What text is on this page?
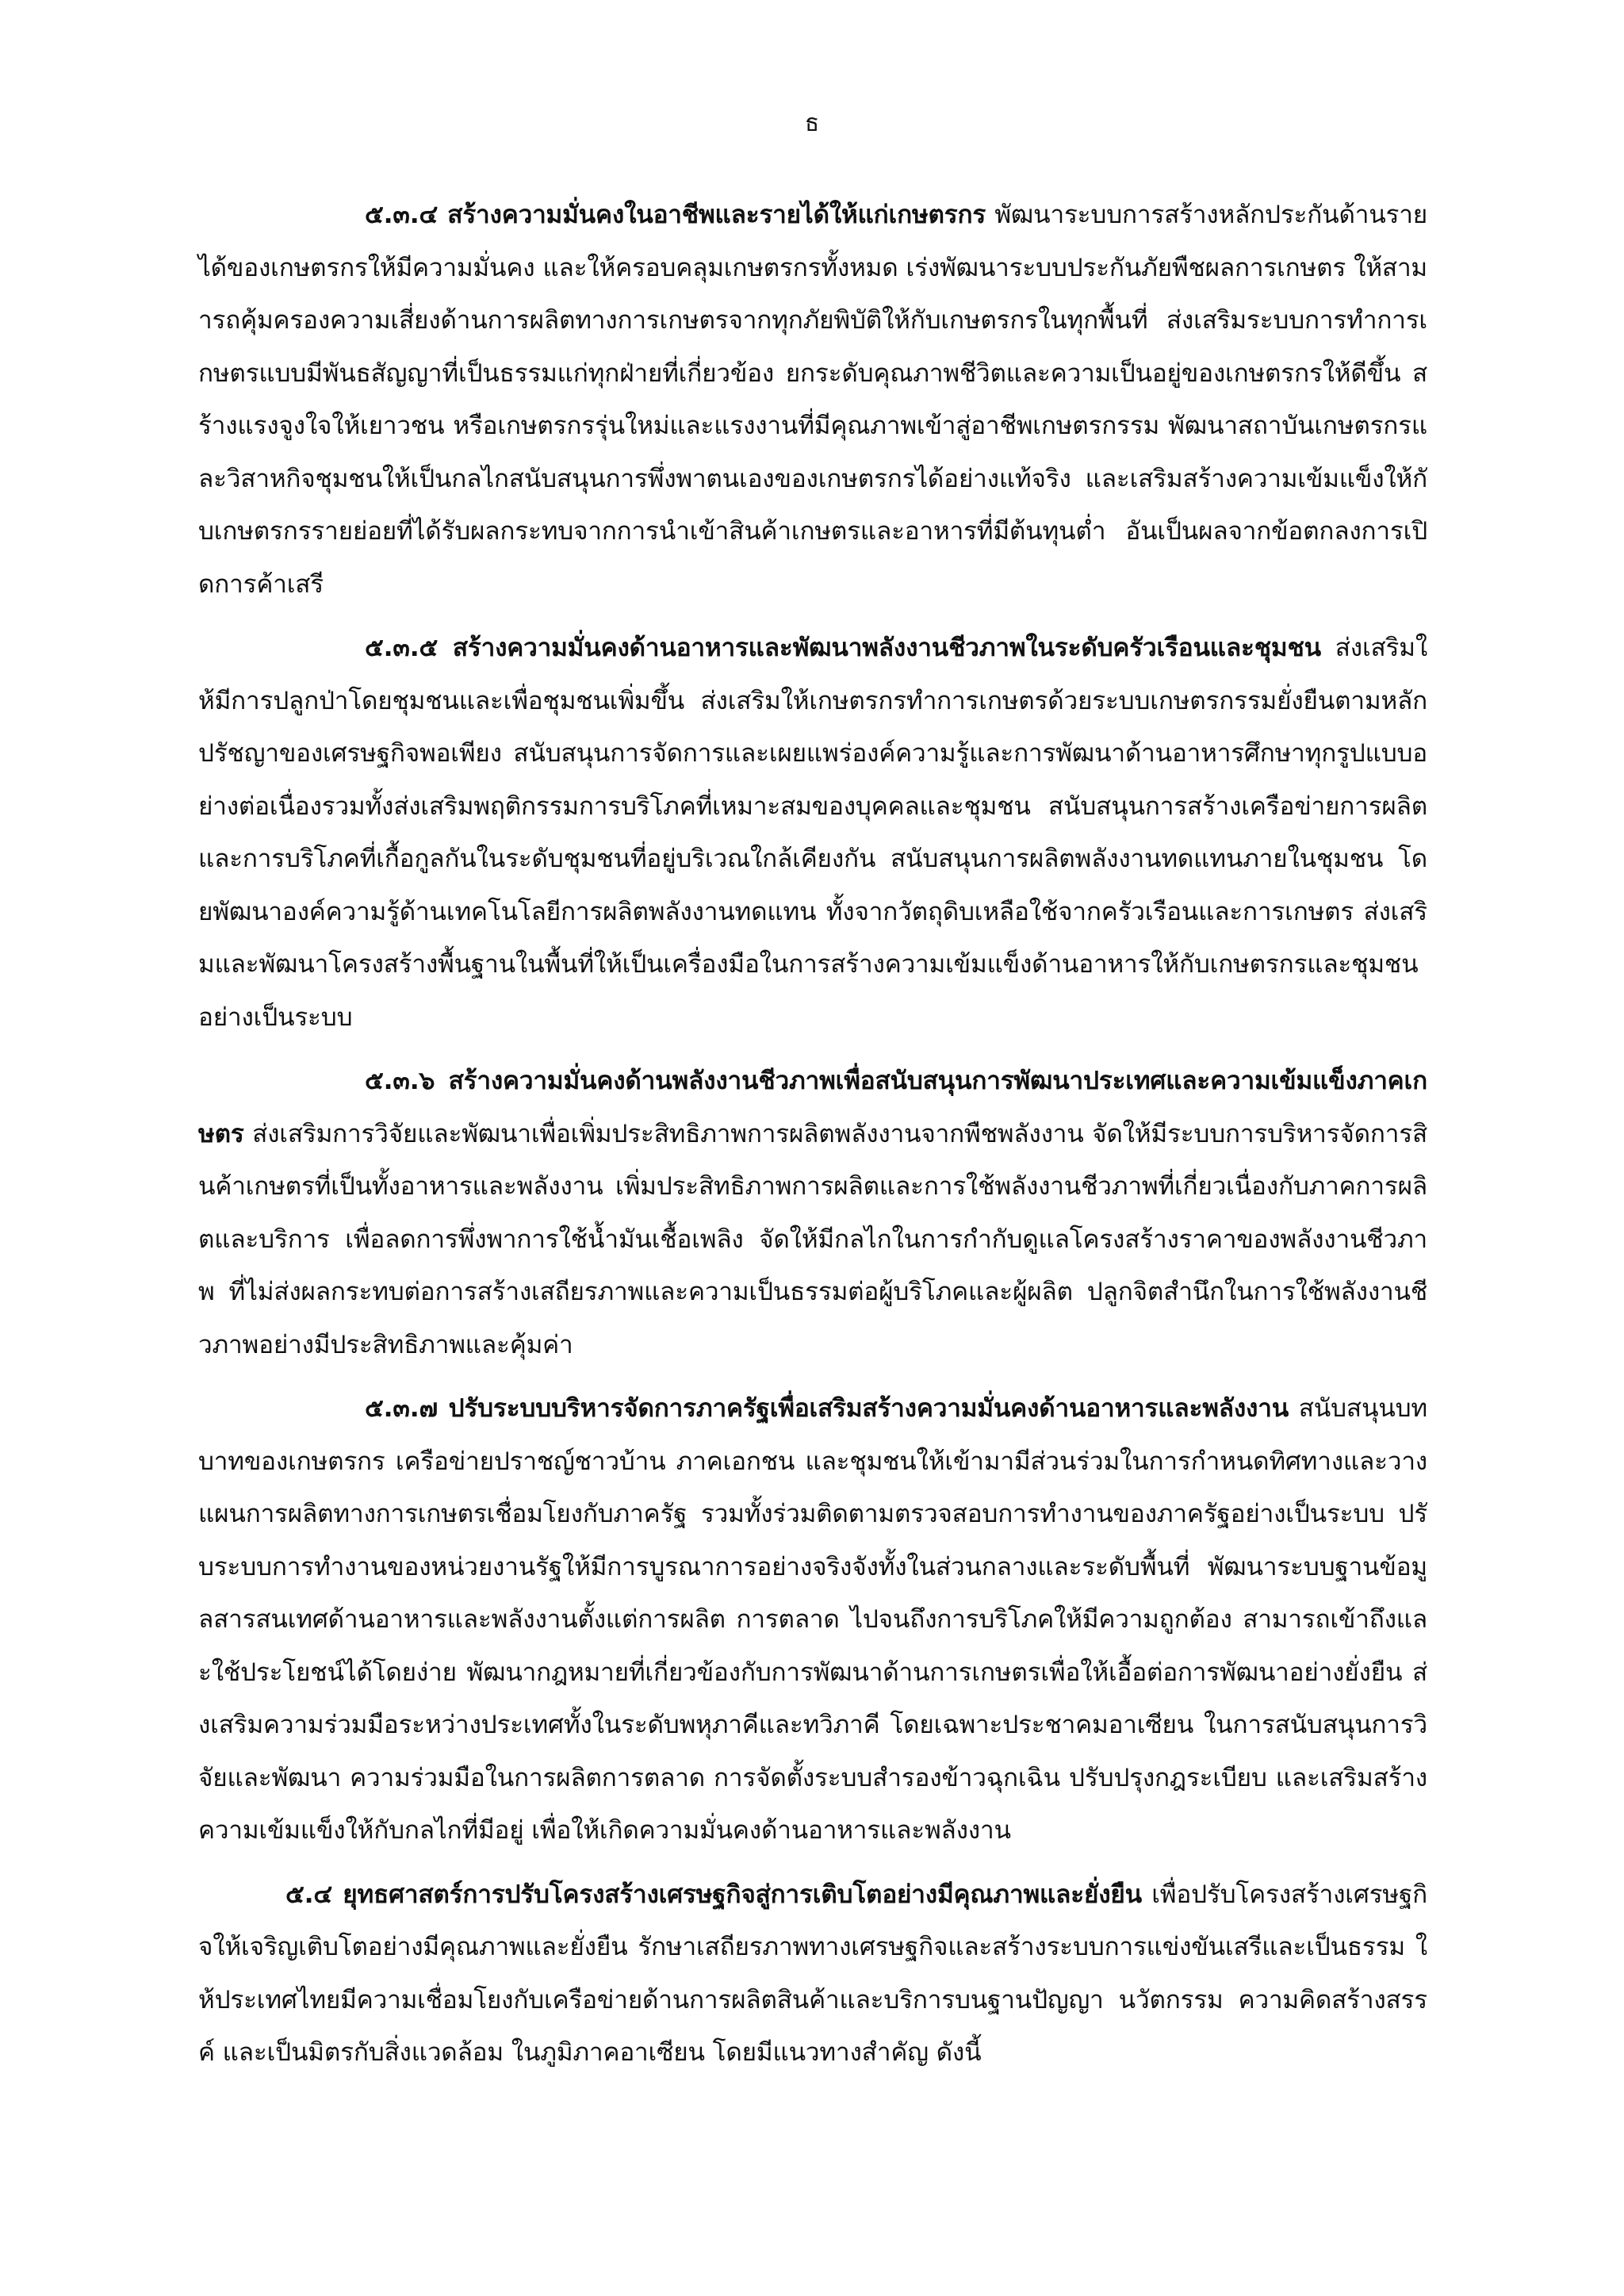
ธ

๕.๓.๔ สร้างความมั่นคงในอาชีพและรายได้ให้แก่เกษตรกร พัฒนาระบบการสร้างหลักประกันด้านรายได้ของเกษตรกรให้มีความมั่นคง และให้ครอบคลุมเกษตรกรทั้งหมด เร่งพัฒนาระบบประกันภัยพืชผลการเกษตร ให้สามารถคุ้มครองความเสี่ยงด้านการผลิตทางการเกษตรจากทุกภัยพิบัติให้กับเกษตรกรในทุกพื้นที่ ส่งเสริมระบบการทำการเกษตรแบบมีพันธสัญญาที่เป็นธรรมแก่ทุกฝ่ายที่เกี่ยวข้อง ยกระดับคุณภาพชีวิตและความเป็นอยู่ของเกษตรกรให้ดีขึ้น สร้างแรงจูงใจให้เยาวชน หรือเกษตรกรรุ่นใหม่และแรงงานที่มีคุณภาพเข้าสู่อาชีพเกษตรกรรม พัฒนาสถาบันเกษตรกรและวิสาหกิจชุมชนให้เป็นกลไกสนับสนุนการพึ่งพาตนเองของเกษตรกรได้อย่างแท้จริง และเสริมสร้างความเข้มแข็งให้กับเกษตรกรรายย่อยที่ได้รับผลกระทบจากการนำเข้าสินค้าเกษตรและอาหารที่มีต้นทุนต่ำ อันเป็นผลจากข้อตกลงการเปิดการค้าเสรี

๕.๓.๕ สร้างความมั่นคงด้านอาหารและพัฒนาพลังงานชีวภาพในระดับครัวเรือนและชุมชน ส่งเสริมให้มีการปลูกป่าโดยชุมชนและเพื่อชุมชนเพิ่มขึ้น ส่งเสริมให้เกษตรกรทำการเกษตรด้วยระบบเกษตรกรรมยั่งยืนตามหลักปรัชญาของเศรษฐกิจพอเพียง สนับสนุนการจัดการและเผยแพร่องค์ความรู้และการพัฒนาด้านอาหารศึกษาทุกรูปแบบอย่างต่อเนื่องรวมทั้งส่งเสริมพฤติกรรมการบริโภคที่เหมาะสมของบุคคลและชุมชน สนับสนุนการสร้างเครือข่ายการผลิตและการบริโภคที่เกื้อกูลกันในระดับชุมชนที่อยู่บริเวณใกล้เคียงกัน สนับสนุนการผลิตพลังงานทดแทนภายในชุมชน โดยพัฒนาองค์ความรู้ด้านเทคโนโลยีการผลิตพลังงานทดแทน ทั้งจากวัตถุดิบเหลือใช้จากครัวเรือนและการเกษตร ส่งเสริมและพัฒนาโครงสร้างพื้นฐานในพื้นที่ให้เป็นเครื่องมือในการสร้างความเข้มแข็งด้านอาหารให้กับเกษตรกรและชุมชนอย่างเป็นระบบ

๕.๓.๖ สร้างความมั่นคงด้านพลังงานชีวภาพเพื่อสนับสนุนการพัฒนาประเทศและความเข้มแข็งภาคเกษตร ส่งเสริมการวิจัยและพัฒนาเพื่อเพิ่มประสิทธิภาพการผลิตพลังงานจากพืชพลังงาน จัดให้มีระบบการบริหารจัดการสินค้าเกษตรที่เป็นทั้งอาหารและพลังงาน เพิ่มประสิทธิภาพการผลิตและการใช้พลังงานชีวภาพที่เกี่ยวเนื่องกับภาคการผลิตและบริการ เพื่อลดการพึ่งพาการใช้น้ำมันเชื้อเพลิง จัดให้มีกลไกในการกำกับดูแลโครงสร้างราคาของพลังงานชีวภาพ ที่ไม่ส่งผลกระทบต่อการสร้างเสถียรภาพและความเป็นธรรมต่อผู้บริโภคและผู้ผลิต ปลูกจิตสำนึกในการใช้พลังงานชีวภาพอย่างมีประสิทธิภาพและคุ้มค่า

๕.๓.๗ ปรับระบบบริหารจัดการภาครัฐเพื่อเสริมสร้างความมั่นคงด้านอาหารและพลังงาน สนับสนุนบทบาทของเกษตรกร เครือข่ายปราชญ์ชาวบ้าน ภาคเอกชน และชุมชนให้เข้ามามีส่วนร่วมในการกำหนดทิศทางและวางแผนการผลิตทางการเกษตรเชื่อมโยงกับภาครัฐ รวมทั้งร่วมติดตามตรวจสอบการทำงานของภาครัฐอย่างเป็นระบบ ปรับระบบการทำงานของหน่วยงานรัฐให้มีการบูรณาการอย่างจริงจังทั้งในส่วนกลางและระดับพื้นที่ พัฒนาระบบฐานข้อมูลสารสนเทศด้านอาหารและพลังงานตั้งแต่การผลิต การตลาด ไปจนถึงการบริโภคให้มีความถูกต้อง สามารถเข้าถึงและใช้ประโยชน์ได้โดยง่าย พัฒนากฎหมายที่เกี่ยวข้องกับการพัฒนาด้านการเกษตรเพื่อให้เอื้อต่อการพัฒนาอย่างยั่งยืน ส่งเสริมความร่วมมือระหว่างประเทศทั้งในระดับพหุภาคีและทวิภาคี โดยเฉพาะประชาคมอาเซียน ในการสนับสนุนการวิจัยและพัฒนา ความร่วมมือในการผลิตการตลาด การจัดตั้งระบบสำรองข้าวฉุกเฉิน ปรับปรุงกฎระเบียบ และเสริมสร้างความเข้มแข็งให้กับกลไกที่มีอยู่ เพื่อให้เกิดความมั่นคงด้านอาหารและพลังงาน

๕.๔ ยุทธศาสตร์การปรับโครงสร้างเศรษฐกิจสู่การเติบโตอย่างมีคุณภาพและยั่งยืน เพื่อปรับโครงสร้างเศรษฐกิจให้เจริญเติบโตอย่างมีคุณภาพและยั่งยืน รักษาเสถียรภาพทางเศรษฐกิจและสร้างระบบการแข่งขันเสรีและเป็นธรรม ให้ประเทศไทยมีความเชื่อมโยงกับเครือข่ายด้านการผลิตสินค้าและบริการบนฐานปัญญา นวัตกรรม ความคิดสร้างสรรค์ และเป็นมิตรกับสิ่งแวดล้อม ในภูมิภาคอาเซียน โดยมีแนวทางสำคัญ ดังนี้
